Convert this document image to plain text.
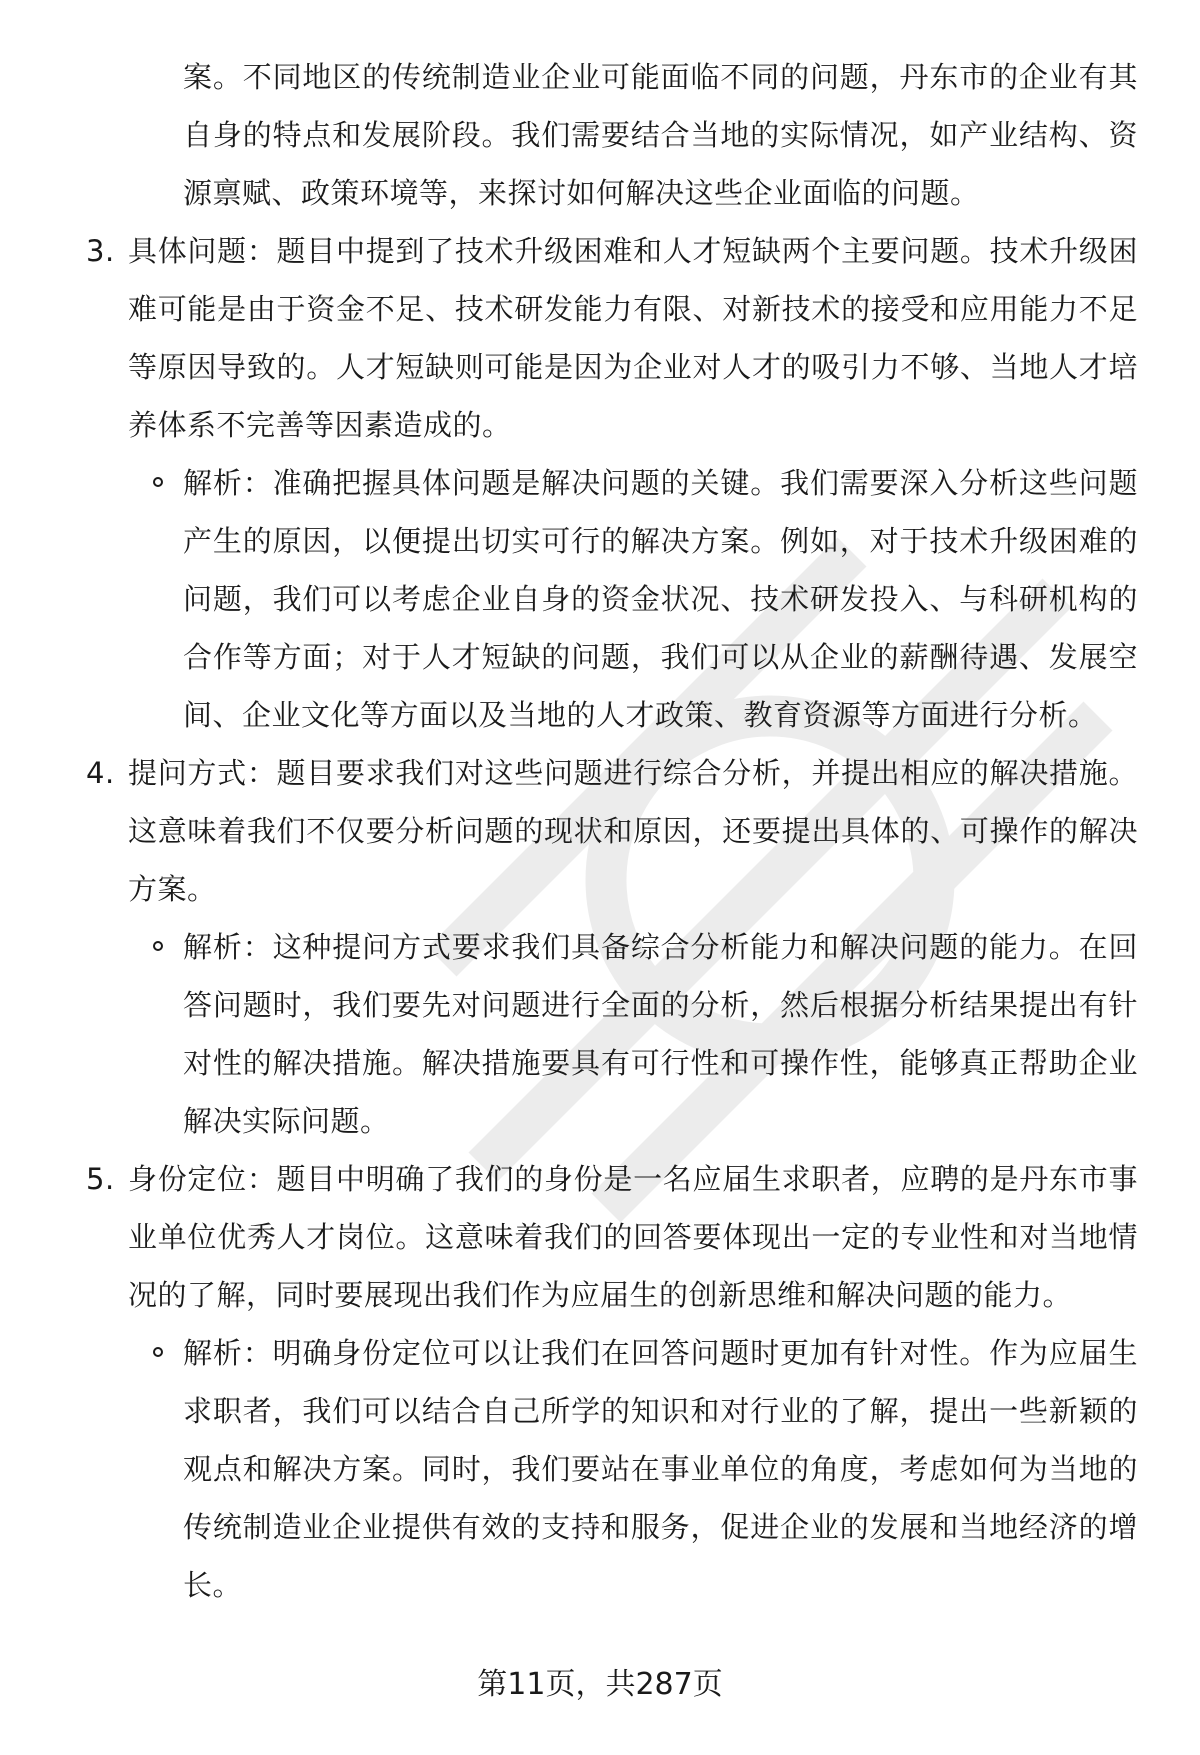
案。不同地区的传统制造业企业可能面临不同的问题，丹东市的企业有其自身的特点和发展阶段。我们需要结合当地的实际情况，如产业结构、资源禀赋、政策环境等，来探讨如何解决这些企业面临的问题。
3. 具体问题：题目中提到了技术升级困难和人才短缺两个主要问题。技术升级困难可能是由于资金不足、技术研发能力有限、对新技术的接受和应用能力不足等原因导致的。人才短缺则可能是因为企业对人才的吸引力不够、当地人才培养体系不完善等因素造成的。
解析：准确把握具体问题是解决问题的关键。我们需要深入分析这些问题产生的原因，以便提出切实可行的解决方案。例如，对于技术升级困难的问题，我们可以考虑企业自身的资金状况、技术研发投入、与科研机构的合作等方面；对于人才短缺的问题，我们可以从企业的薪酬待遇、发展空间、企业文化等方面以及当地的人才政策、教育资源等方面进行分析。
4. 提问方式：题目要求我们对这些问题进行综合分析，并提出相应的解决措施。这意味着我们不仅要分析问题的现状和原因，还要提出具体的、可操作的解决方案。
解析：这种提问方式要求我们具备综合分析能力和解决问题的能力。在回答问题时，我们要先对问题进行全面的分析，然后根据分析结果提出有针对性的解决措施。解决措施要具有可行性和可操作性，能够真正帮助企业解决实际问题。
5. 身份定位：题目中明确了我们的身份是一名应届生求职者，应聘的是丹东市事业单位优秀人才岗位。这意味着我们的回答要体现出一定的专业性和对当地情况的了解，同时要展现出我们作为应届生的创新思维和解决问题的能力。
解析：明确身份定位可以让我们在回答问题时更加有针对性。作为应届生求职者，我们可以结合自己所学的知识和对行业的了解，提出一些新颖的观点和解决方案。同时，我们要站在事业单位的角度，考虑如何为当地的传统制造业企业提供有效的支持和服务，促进企业的发展和当地经济的增长。
第11页，共287页
